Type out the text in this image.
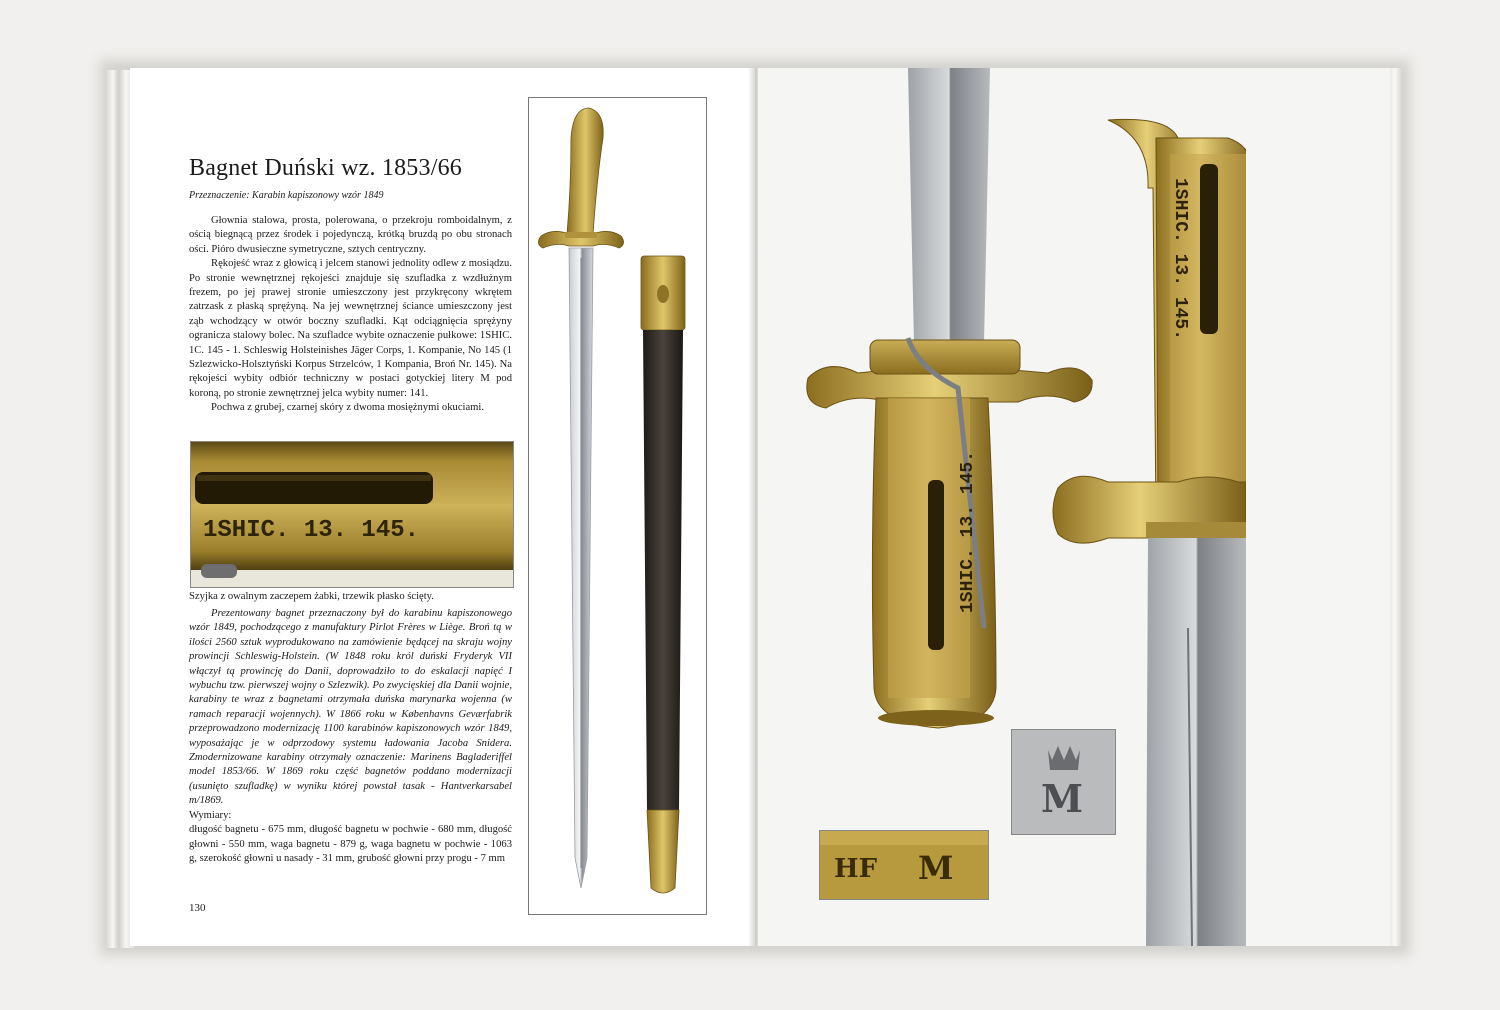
Bagnet Duński wz. 1853/66
Przeznaczenie: Karabin kapiszonowy wzór 1849

Głownia stalowa, prosta, polerowana, o przekroju romboidalnym, z ością biegnącą przez środek i pojedynczą, krótką bruzdą po obu stronach ości. Pióro dwusieczne symetryczne, sztych centryczny.

Rękojeść wraz z głowicą i jelcem stanowi jednolity odlew z mosiądzu. Po stronie wewnętrznej rękojeści znajduje się szufladka z wzdłużnym frezem, po jej prawej stronie umieszczony jest przykręcony wkrętem zatrzask z płaską sprężyną. Na jej wewnętrznej ściance umieszczony jest ząb wchodzący w otwór boczny szufladki. Kąt odciągnięcia sprężyny ogranicza stalowy bolec. Na szufladce wybite oznaczenie pułkowe: 1SHIC. 1C. 145 - 1. Schleswig Holsteinishes Jäger Corps, 1. Kompanie, No 145 (1 Szlezwicko-Holsztyński Korpus Strzelców, 1 Kompania, Broń Nr. 145). Na rękojeści wybity odbiór techniczny w postaci gotyckiej litery M pod koroną, po stronie zewnętrznej jelca wybity numer: 141.

Pochwa z grubej, czarnej skóry z dwoma mosiężnymi okuciami.

1SHIC. 13. 145.
Szyjka z owalnym zaczepem żabki, trzewik płasko ścięty.

Prezentowany bagnet przeznaczony był do karabinu kapiszonowego wzór 1849, pochodzącego z manufaktury Pirlot Frères w Liège. Broń tą w ilości 2560 sztuk wyprodukowano na zamówienie będącej na skraju wojny prowincji Schleswig-Holstein. (W 1848 roku król duński Fryderyk VII włączył tą prowincję do Danii, doprowadziło to do eskalacji napięć I wybuchu tzw. pierwszej wojny o Szlezwik). Po zwycięskiej dla Danii wojnie, karabiny te wraz z bagnetami otrzymała duńska marynarka wojenna (w ramach reparacji wojennych). W 1866 roku w Københavns Geværfabrik przeprowadzono modernizację 1100 karabinów kapiszonowych wzór 1849, wyposażając je w odprzodowy systemu ładowania Jacoba Snidera. Zmodernizowane karabiny otrzymały oznaczenie: Marinens Bagladeriffel model 1853/66. W 1869 roku część bagnetów poddano modernizacji (usunięto szufladkę) w wyniku której powstał tasak - Hantverkarsabel m/1869.

Wymiary:

długość bagnetu - 675 mm, długość bagnetu w pochwie - 680 mm, długość głowni - 550 mm, waga bagnetu - 879 g, waga bagnetu w pochwie - 1063 g, szerokość głowni u nasady - 31 mm, grubość głowni przy progu - 7 mm

130
1SHIC. 13. 145.
1SHIC. 13. 145.
M
HF M
